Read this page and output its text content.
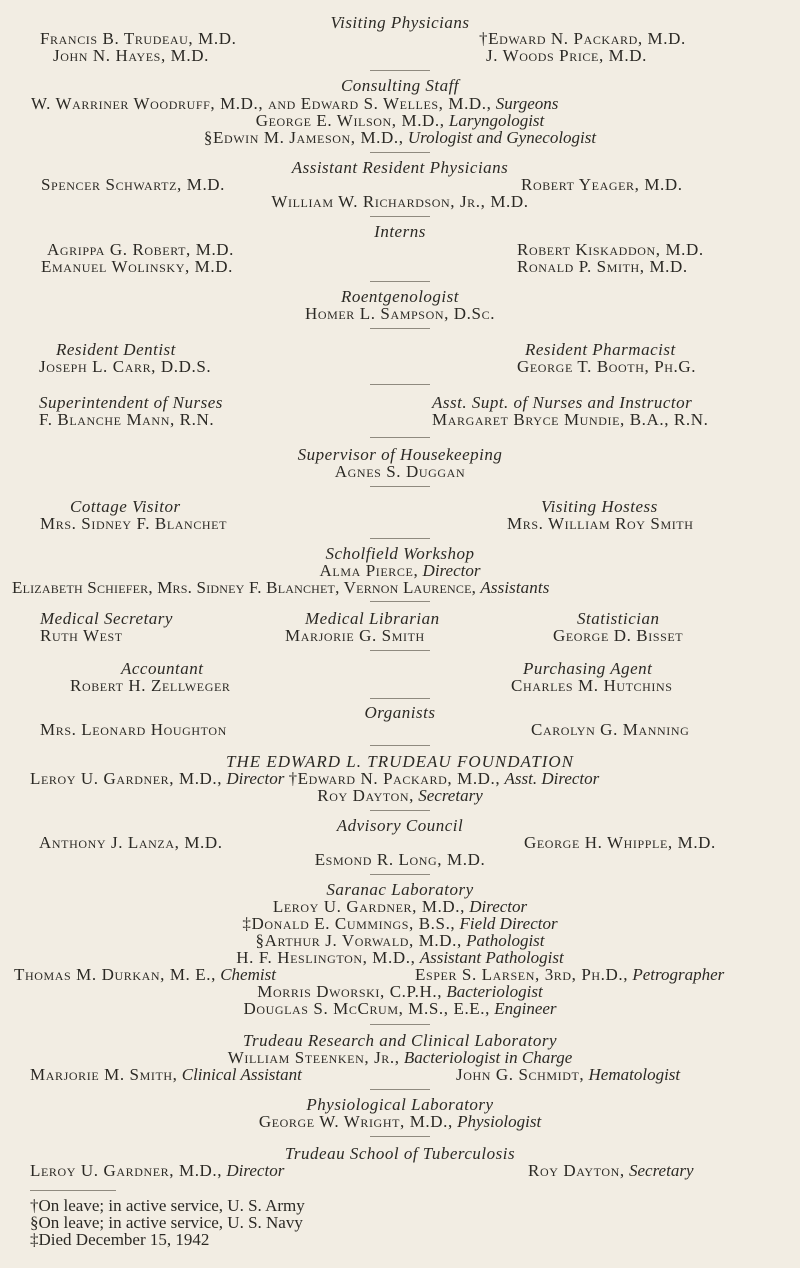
Visiting Physicians
Francis B. Trudeau, M.D.	†Edward N. Packard, M.D.
John N. Hayes, M.D.	J. Woods Price, M.D.
Consulting Staff
W. Warriner Woodruff, M.D., and Edward S. Welles, M.D., Surgeons
George E. Wilson, M.D., Laryngologist
§Edwin M. Jameson, M.D., Urologist and Gynecologist
Assistant Resident Physicians
Spencer Schwartz, M.D.	Robert Yeager, M.D.
William W. Richardson, Jr., M.D.
Interns
Agrippa G. Robert, M.D.	Robert Kiskaddon, M.D.
Emanuel Wolinsky, M.D.	Ronald P. Smith, M.D.
Roentgenologist
Homer L. Sampson, D.Sc.
Resident Dentist
Joseph L. Carr, D.D.S.
Resident Pharmacist
George T. Booth, Ph.G.
Superintendent of Nurses
F. Blanche Mann, R.N.
Asst. Supt. of Nurses and Instructor
Margaret Bryce Mundie, B.A., R.N.
Supervisor of Housekeeping
Agnes S. Duggan
Cottage Visitor
Mrs. Sidney F. Blanchet
Visiting Hostess
Mrs. William Roy Smith
Scholfield Workshop
Alma Pierce, Director
Elizabeth Schiefer, Mrs. Sidney F. Blanchet, Vernon Laurence, Assistants
Medical Secretary
Ruth West
Medical Librarian
Marjorie G. Smith
Statistician
George D. Bisset
Accountant
Robert H. Zellweger
Purchasing Agent
Charles M. Hutchins
Organists
Mrs. Leonard Houghton	Carolyn G. Manning
THE EDWARD L. TRUDEAU FOUNDATION
Leroy U. Gardner, M.D., Director †Edward N. Packard, M.D., Asst. Director
Roy Dayton, Secretary
Advisory Council
Anthony J. Lanza, M.D.	George H. Whipple, M.D.
Esmond R. Long, M.D.
Saranac Laboratory
Leroy U. Gardner, M.D., Director
‡Donald E. Cummings, B.S., Field Director
§Arthur J. Vorwald, M.D., Pathologist
H. F. Heslington, M.D., Assistant Pathologist
Thomas M. Durkan, M. E., Chemist	Esper S. Larsen, 3rd, Ph.D., Petrographer
Morris Dworski, C.P.H., Bacteriologist
Douglas S. McCrum, M.S., E.E., Engineer
Trudeau Research and Clinical Laboratory
William Steenken, Jr., Bacteriologist in Charge
Marjorie M. Smith, Clinical Assistant	John G. Schmidt, Hematologist
Physiological Laboratory
George W. Wright, M.D., Physiologist
Trudeau School of Tuberculosis
Leroy U. Gardner, M.D., Director	Roy Dayton, Secretary
†On leave; in active service, U. S. Army
§On leave; in active service, U. S. Navy
‡Died December 15, 1942
